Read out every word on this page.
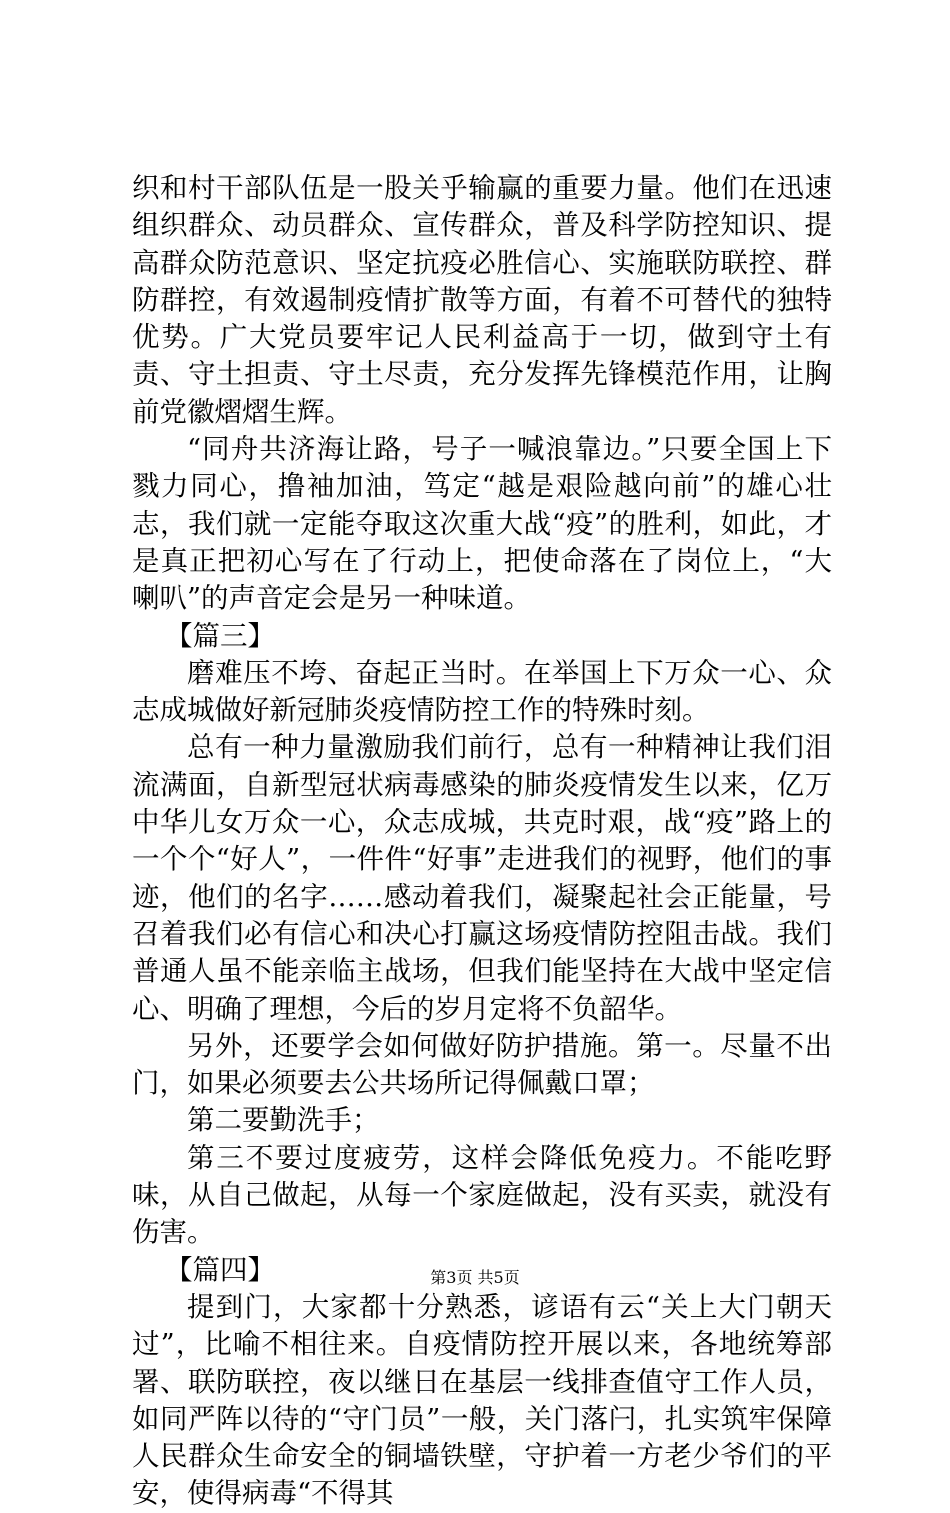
织和村干部队伍是一股关乎输赢的重要力量。他们在迅速组织群众、动员群众、宣传群众，普及科学防控知识、提高群众防范意识、坚定抗疫必胜信心、实施联防联控、群防群控，有效遏制疫情扩散等方面，有着不可替代的独特优势。广大党员要牢记人民利益高于一切，做到守土有责、守土担责、守土尽责，充分发挥先锋模范作用，让胸前党徽熠熠生辉。

“同舟共济海让路，号子一喊浪靠边。”只要全国上下戮力同心，撸袖加油，笃定“越是艰险越向前”的雄心壮志，我们就一定能夺取这次重大战“疫”的胜利，如此，才是真正把初心写在了行动上，把使命落在了岗位上，“大喇叭”的声音定会是另一种味道。

【篇三】

磨难压不垮、奋起正当时。在举国上下万众一心、众志成城做好新冠肺炎疫情防控工作的特殊时刻。

总有一种力量激励我们前行，总有一种精神让我们泪流满面，自新型冠状病毒感染的肺炎疫情发生以来，亿万中华儿女万众一心，众志成城，共克时艰，战“疫”路上的一个个“好人”，一件件“好事”走进我们的视野，他们的事迹，他们的名字……感动着我们，凝聚起社会正能量，号召着我们必有信心和决心打赢这场疫情防控阻击战。我们普通人虽不能亲临主战场，但我们能坚持在大战中坚定信心、明确了理想，今后的岁月定将不负韶华。

另外，还要学会如何做好防护措施。第一。尽量不出门，如果必须要去公共场所记得佩戴口罩；

第二要勤洗手；

第三不要过度疲劳，这样会降低免疫力。不能吃野味，从自己做起，从每一个家庭做起，没有买卖，就没有伤害。

【篇四】

提到门，大家都十分熟悉，谚语有云“关上大门朝天过”，比喻不相往来。自疫情防控开展以来，各地统筹部署、联防联控，夜以继日在基层一线排查值守工作人员，如同严阵以待的“守门员”一般，关门落闩，扎实筑牢保障人民群众生命安全的铜墙铁壁，守护着一方老少爷们的平安，使得病毒“不得其

第3页 共5页
